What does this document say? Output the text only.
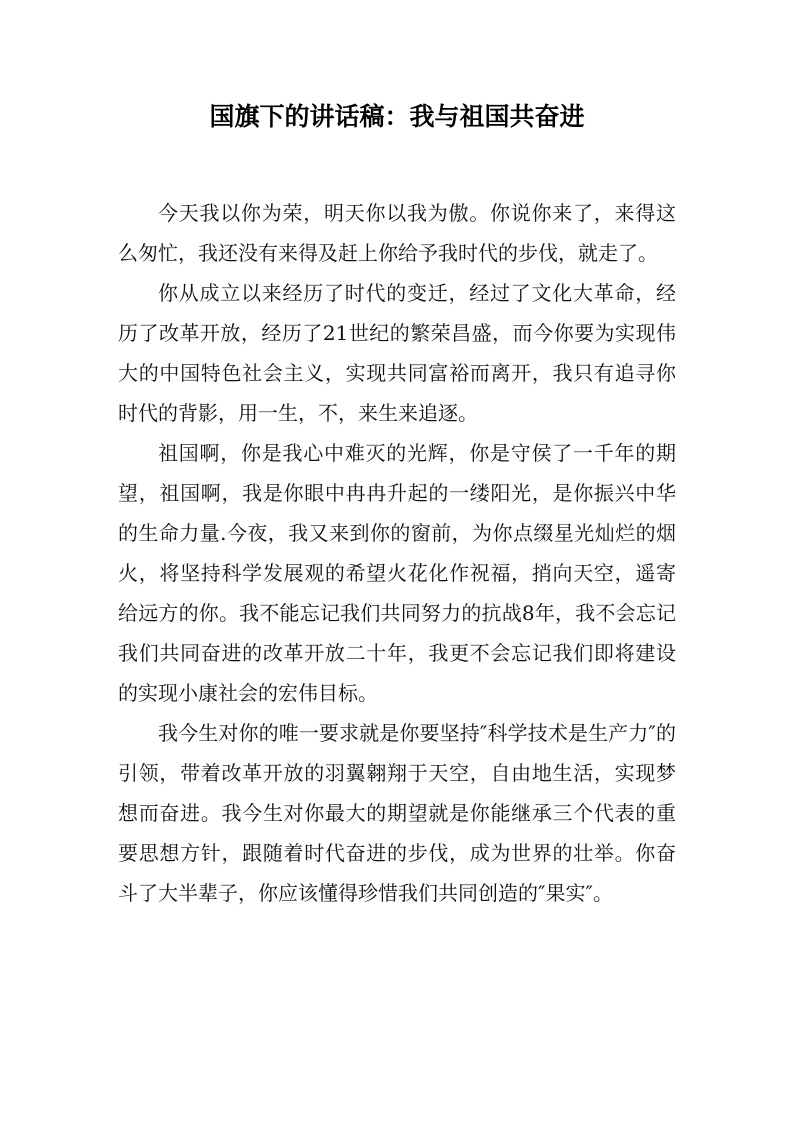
国旗下的讲话稿：我与祖国共奋进

今天我以你为荣，明天你以我为傲。你说你来了，来得这么匆忙，我还没有来得及赶上你给予我时代的步伐，就走了。

你从成立以来经历了时代的变迁，经过了文化大革命，经历了改革开放，经历了21世纪的繁荣昌盛，而今你要为实现伟大的中国特色社会主义，实现共同富裕而离开，我只有追寻你时代的背影，用一生，不，来生来追逐。

祖国啊，你是我心中难灭的光辉，你是守侯了一千年的期望，祖国啊，我是你眼中冉冉升起的一缕阳光，是你振兴中华的生命力量.今夜，我又来到你的窗前，为你点缀星光灿烂的烟火，将坚持科学发展观的希望火花化作祝福，捎向天空，遥寄给远方的你。我不能忘记我们共同努力的抗战8年，我不会忘记我们共同奋进的改革开放二十年，我更不会忘记我们即将建设的实现小康社会的宏伟目标。

我今生对你的唯一要求就是你要坚持″科学技术是生产力″的引领，带着改革开放的羽翼翱翔于天空，自由地生活，实现梦想而奋进。我今生对你最大的期望就是你能继承三个代表的重要思想方针，跟随着时代奋进的步伐，成为世界的壮举。你奋斗了大半辈子，你应该懂得珍惜我们共同创造的″果实″。
